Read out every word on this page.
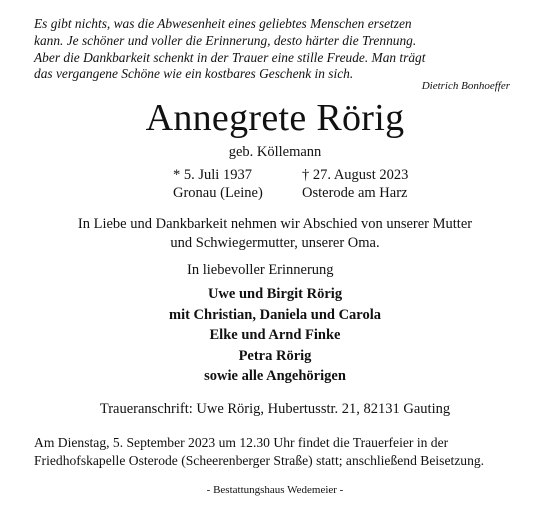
Es gibt nichts, was die Abwesenheit eines geliebtes Menschen ersetzen
kann. Je schöner und voller die Erinnerung, desto härter die Trennung.
Aber die Dankbarkeit schenkt in der Trauer eine stille Freude. Man trägt
das vergangene Schöne wie ein kostbares Geschenk in sich.
Dietrich Bonhoeffer
Annegrete Rörig
geb. Köllemann
* 5. Juli 1937
Gronau (Leine)
† 27. August 2023
Osterode am Harz
In Liebe und Dankbarkeit nehmen wir Abschied von unserer Mutter
und Schwiegermutter, unserer Oma.
In liebevoller Erinnerung
Uwe und Birgit Rörig
mit Christian, Daniela und Carola
Elke und Arnd Finke
Petra Rörig
sowie alle Angehörigen
Traueranschrift: Uwe Rörig, Hubertusstr. 21, 82131 Gauting
Am Dienstag, 5. September 2023 um 12.30 Uhr findet die Trauerfeier in der
Friedhofskapelle Osterode (Scheerenberger Straße) statt; anschließend Beisetzung.
- Bestattungshaus Wedemeier -
